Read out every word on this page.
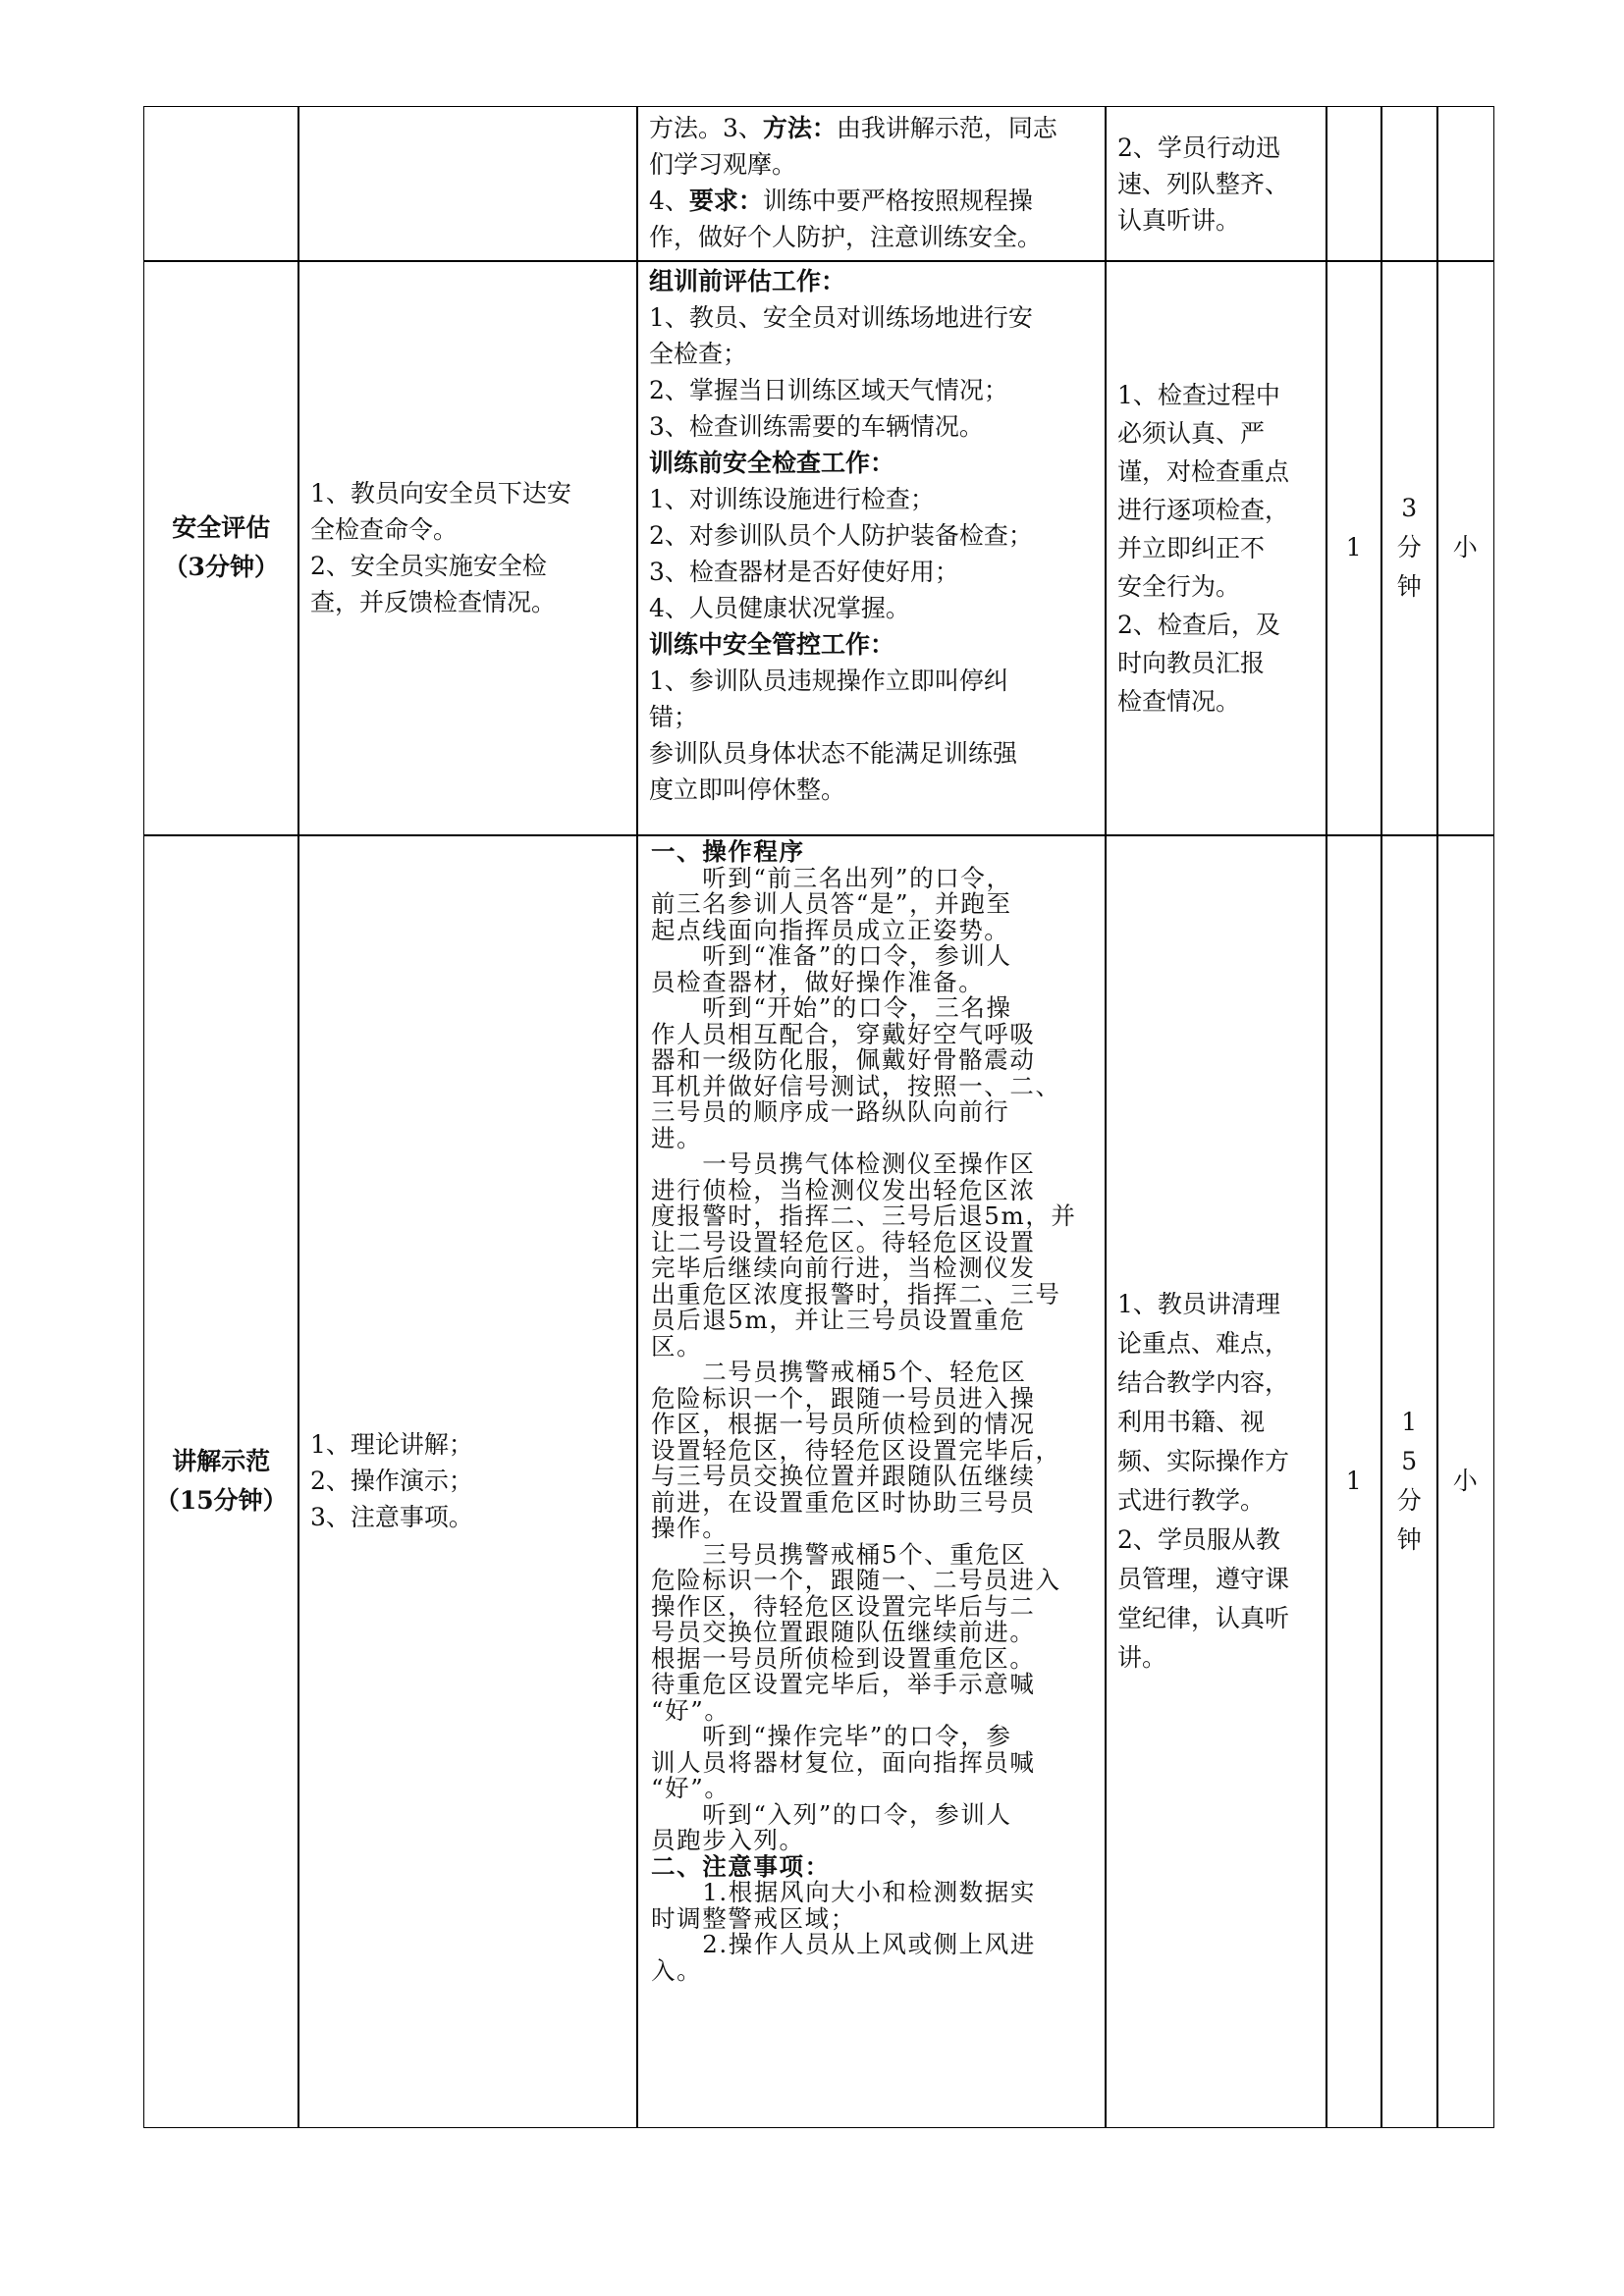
方法。3、方法：由我讲解示范，同志
们学习观摩。
4、要求：训练中要严格按照规程操
作，做好个人防护，注意训练安全。
2、学员行动迅
速、列队整齐、
认真听讲。
安全评估
（3分钟）
1、教员向安全员下达安
全检查命令。
2、安全员实施安全检
查，并反馈检查情况。
组训前评估工作：
1、教员、安全员对训练场地进行安
全检查；
2、掌握当日训练区域天气情况；
3、检查训练需要的车辆情况。
训练前安全检查工作：
1、对训练设施进行检查；
2、对参训队员个人防护装备检查；
3、检查器材是否好使好用；
4、人员健康状况掌握。
训练中安全管控工作：
1、参训队员违规操作立即叫停纠
错；
参训队员身体状态不能满足训练强
度立即叫停休整。
1、检查过程中
必须认真、严
谨，对检查重点
进行逐项检查，
并立即纠正不
安全行为。
2、检查后，及
时向教员汇报
检查情况。
1
3
分
钟
小
讲解示范
（15分钟）
1、理论讲解；
2、操作演示；
3、注意事项。
一、操作程序
　　听到“前三名出列”的口令，
前三名参训人员答“是”，并跑至
起点线面向指挥员成立正姿势。
　　听到“准备”的口令，参训人
员检查器材，做好操作准备。
　　听到“开始”的口令，三名操
作人员相互配合，穿戴好空气呼吸
器和一级防化服，佩戴好骨骼震动
耳机并做好信号测试，按照一、二、
三号员的顺序成一路纵队向前行
进。
　　一号员携气体检测仪至操作区
进行侦检，当检测仪发出轻危区浓
度报警时，指挥二、三号后退5m，并
让二号设置轻危区。待轻危区设置
完毕后继续向前行进，当检测仪发
出重危区浓度报警时，指挥二、三号
员后退5m，并让三号员设置重危
区。
　　二号员携警戒桶5个、轻危区
危险标识一个，跟随一号员进入操
作区，根据一号员所侦检到的情况
设置轻危区，待轻危区设置完毕后，
与三号员交换位置并跟随队伍继续
前进，在设置重危区时协助三号员
操作。
　　三号员携警戒桶5个、重危区
危险标识一个，跟随一、二号员进入
操作区，待轻危区设置完毕后与二
号员交换位置跟随队伍继续前进。
根据一号员所侦检到设置重危区。
待重危区设置完毕后，举手示意喊
“好”。
　　听到“操作完毕”的口令，参
训人员将器材复位，面向指挥员喊
“好”。
　　听到“入列”的口令，参训人
员跑步入列。
二、注意事项：
　　1.根据风向大小和检测数据实
时调整警戒区域；
　　2.操作人员从上风或侧上风进
入。
1、教员讲清理
论重点、难点，
结合教学内容，
利用书籍、视
频、实际操作方
式进行教学。
2、学员服从教
员管理，遵守课
堂纪律，认真听
讲。
1
1
5
分
钟
小
